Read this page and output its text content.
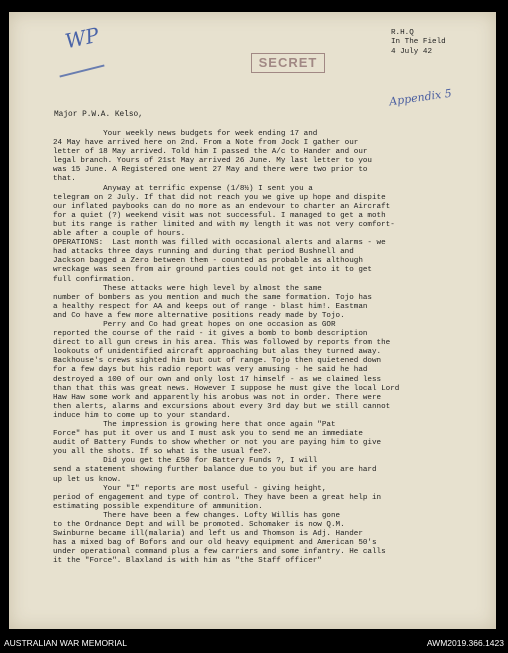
WP
SECRET
R.H.Q
In The Field
4 July 42
Appendix 5
Major P.W.A. Kelso,
Your weekly news budgets for week ending 17 and
24 May have arrived here on 2nd. From a Note from Jock I gather our
letter of 18 May arrived. Told him I passed the A/c to Hander and our
legal branch. Yours of 21st May arrived 26 June. My last letter to you
was 15 June. A Registered one went 27 May and there were two prior to
that.
Anyway at terrific expense (1/8½) I sent you a
telegram on 2 July. If that did not reach you we give up hope and dispite
our inflated paybooks can do no more as an endevour to charter an Aircraft
for a quiet (?) weekend visit was not successful. I managed to get a moth
but its range is rather limited and with my length it was not very comfort-
able after a couple of hours.
OPERATIONS:  Last month was filled with occasional alerts and alarms - we
had attacks three days running and during that period Bushnell and
Jackson bagged a Zero between them - counted as probable as although
wreckage was seen from air ground parties could not get into it to get
full confirmation.
These attacks were high level by almost the same
number of bombers as you mention and much the same formation. Tojo has
a healthy respect for AA and keeps out of range - blast him!. Eastman
and Co have a few more alternative positions ready made by Tojo.
Perry and Co had great hopes on one occasion as GOR
reported the course of the raid - it gives a bomb to bomb description
direct to all gun crews in his area. This was followed by reports from the
lookouts of unidentified aircraft approaching but alas they turned away.
Backhouse's crews sighted him but out of range. Tojo then quietened down
for a few days but his radio report was very amusing - he said he had
destroyed a 100 of our own and only lost 17 himself - as we claimed less
than that this was great news. However I suppose he must give the local Lord
Haw Haw some work and apparently his arobus was not in order. There were
then alerts, alarms and excursions about every 3rd day but we still cannot
induce him to come up to your standard.
The impression is growing here that once again "Pat
Force" has put it over us and I must ask you to send me an immediate
audit of Battery Funds to show whether or not you are paying him to give
you all the shots. If so what is the usual fee?.
Did you get the £50 for Battery Funds ?, I will
send a statement showing further balance due to you but if you are hard
up let us know.
Your "I" reports are most useful - giving height,
period of engagement and type of control. They have been a great help in
estimating possible expenditure of ammunition.
There have been a few changes. Lofty Willis has gone
to the Ordnance Dept and will be promoted. Schomaker is now Q.M.
Swinburne became ill(malaria) and left us and Thomson is Adj. Hander
has a mixed bag of Bofors and our old heavy equipment and American 50's
under operational command plus a few carriers and some infantry. He calls
it the "Force". Blaxland is with him as "the Staff officer"
AUSTRALIAN WAR MEMORIAL	AWM2019.366.1423
